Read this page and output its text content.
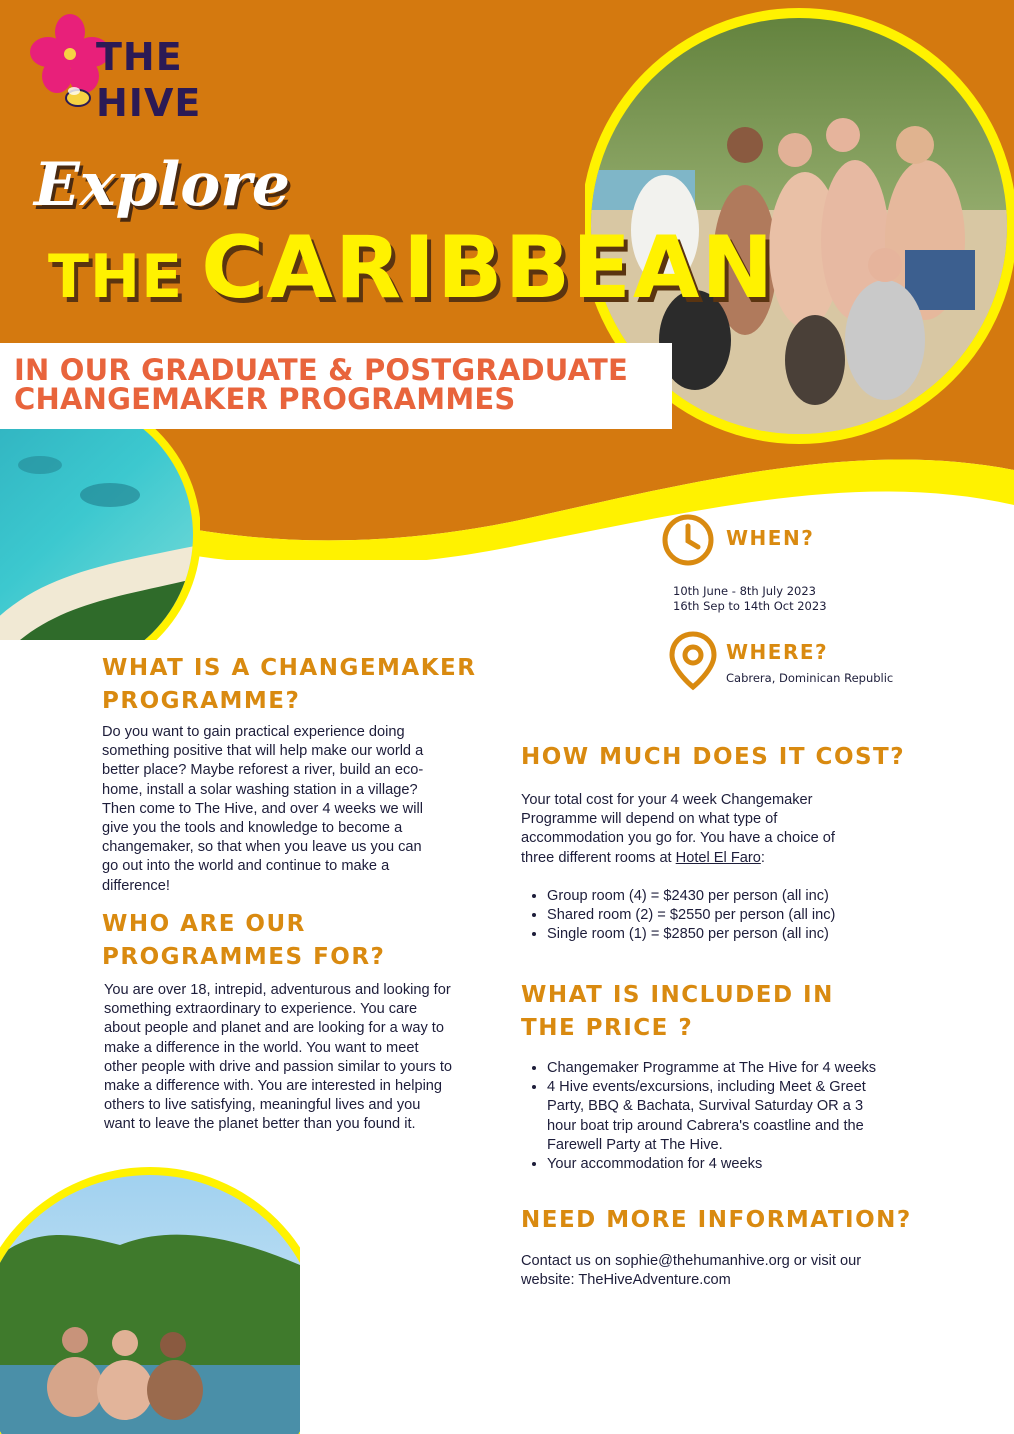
THE
HIVE
Explore
THE CARIBBEAN
IN OUR GRADUATE & POSTGRADUATE
CHANGEMAKER PROGRAMMES
WHEN?
10th June - 8th July 2023
16th Sep to 14th Oct 2023
WHERE?
Cabrera, Dominican Republic
WHAT IS A CHANGEMAKER
PROGRAMME?
Do you want to gain practical experience doing
something positive that will help make our world a
better place? Maybe reforest a river, build an eco-
home, install a solar washing station in a village?
Then come to The Hive, and over 4 weeks we will
give you the tools and knowledge to become a
changemaker, so that when you leave us you can
go out into the world and continue to make a
difference!
WHO ARE OUR
PROGRAMMES FOR?
You are over 18, intrepid, adventurous and looking for
something extraordinary to experience. You care
about people and planet and are looking for a way to
make a difference in the world. You want to meet
other people with drive and passion similar to yours to
make a difference with. You are interested in helping
others to live satisfying, meaningful lives and you
want to leave the planet better than you found it.
HOW MUCH DOES IT COST?
Your total cost for your 4 week Changemaker
Programme will depend on what type of
accommodation you go for. You have a choice of
three different rooms at Hotel El Faro:
• Group room (4) = $2430 per person (all inc)
• Shared room (2) = $2550 per person (all inc)
• Single room (1) = $2850 per person (all inc)
WHAT IS INCLUDED IN
THE PRICE ?
• Changemaker Programme at The Hive for 4 weeks
• 4 Hive events/excursions, including Meet & Greet
Party, BBQ & Bachata, Survival Saturday OR a 3
hour boat trip around Cabrera's coastline and the
Farewell Party at The Hive.
• Your accommodation for 4 weeks
NEED MORE INFORMATION?
Contact us on sophie@thehumanhive.org or visit our
website: TheHiveAdventure.com
